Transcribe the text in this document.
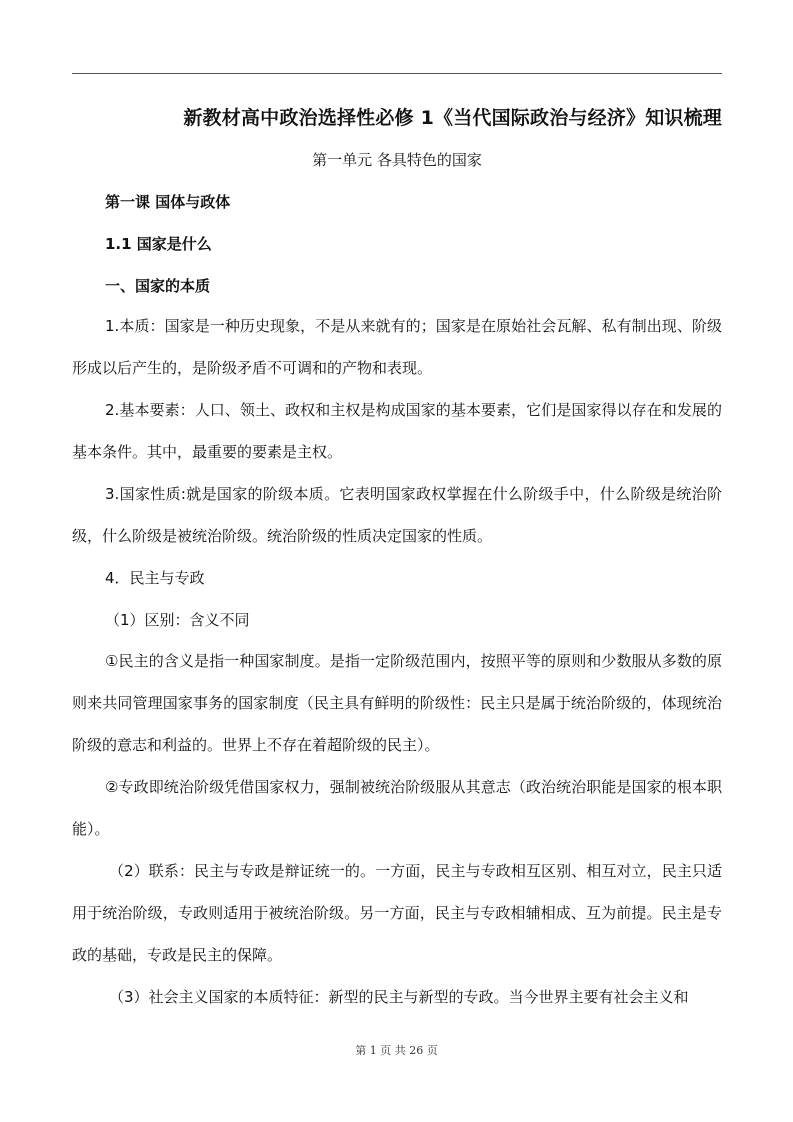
新教材高中政治选择性必修 1《当代国际政治与经济》知识梳理
第一单元 各具特色的国家
第一课 国体与政体
1.1 国家是什么
一、国家的本质

1.本质：国家是一种历史现象，不是从来就有的；国家是在原始社会瓦解、私有制出现、阶级形成以后产生的，是阶级矛盾不可调和的产物和表现。

2.基本要素：人口、领土、政权和主权是构成国家的基本要素，它们是国家得以存在和发展的基本条件。其中，最重要的要素是主权。

3.国家性质:就是国家的阶级本质。它表明国家政权掌握在什么阶级手中，什么阶级是统治阶级，什么阶级是被统治阶级。统治阶级的性质决定国家的性质。

4．民主与专政
（1）区别：含义不同

①民主的含义是指一种国家制度。是指一定阶级范围内，按照平等的原则和少数服从多数的原则来共同管理国家事务的国家制度（民主具有鲜明的阶级性：民主只是属于统治阶级的，体现统治阶级的意志和利益的。世界上不存在着超阶级的民主）。

②专政即统治阶级凭借国家权力，强制被统治阶级服从其意志（政治统治职能是国家的根本职能）。

（2）联系：民主与专政是辩证统一的。一方面，民主与专政相互区别、相互对立，民主只适用于统治阶级，专政则适用于被统治阶级。另一方面，民主与专政相辅相成、互为前提。民主是专政的基础，专政是民主的保障。

（3）社会主义国家的本质特征：新型的民主与新型的专政。当今世界主要有社会主义和

第 1 页 共 26 页
